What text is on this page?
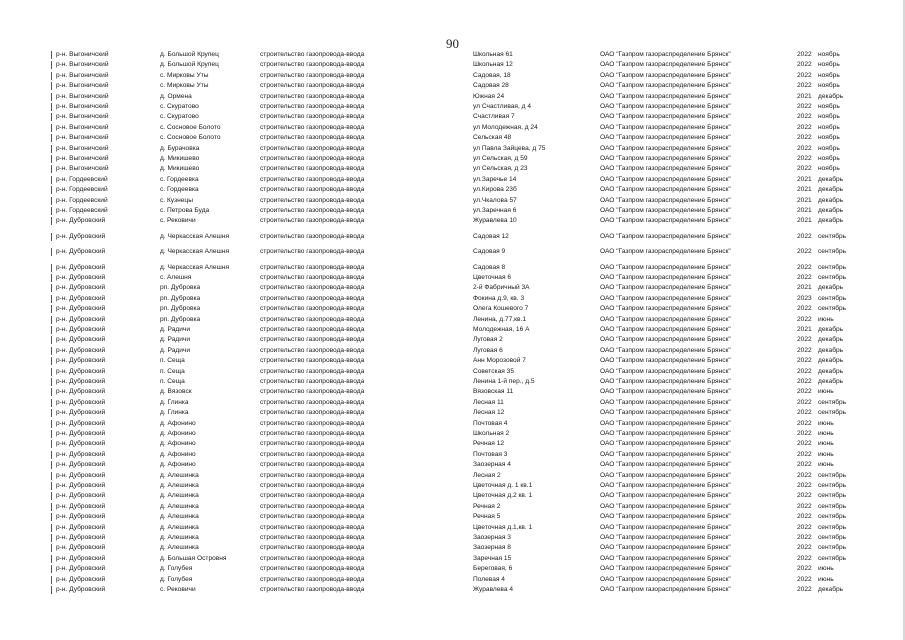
90
р-н. Выгоничский	д. Большой Крупец	строительство газопровода-ввода	Школьная 61	ОАО "Газпром газораспределение Брянск"	2022 ноябрь
р-н. Выгоничский	д. Большой Крупец	строительство газопровода-ввода	Школьная 12	ОАО "Газпром газораспределение Брянск"	2022 ноябрь
р-н. Выгоничский	с. Мирковы Уты	строительство газопровода-ввода	Садовая, 18	ОАО "Газпром газораспределение Брянск"	2022 ноябрь
р-н. Выгоничский	с. Мирковы Уты	строительство газопровода-ввода	Садовая 28	ОАО "Газпром газораспределение Брянск"	2022 ноябрь
р-н. Выгоничский	д. Ормена	строительство газопровода-ввода	Южная 24	ОАО "Газпром газораспределение Брянск"	2021 декабрь
р-н. Выгоничский	с. Скуратово	строительство газопровода-ввода	ул Счастливая, д 4	ОАО "Газпром газораспределение Брянск"	2022 ноябрь
р-н. Выгоничский	с. Скуратово	строительство газопровода-ввода	Счастливая 7	ОАО "Газпром газораспределение Брянск"	2022 ноябрь
р-н. Выгоничский	с. Сосновое Болото	строительство газопровода-ввода	ул Молодежная, д 24	ОАО "Газпром газораспределение Брянск"	2022 ноябрь
р-н. Выгоничский	с. Сосновое Болото	строительство газопровода-ввода	Сельская 48	ОАО "Газпром газораспределение Брянск"	2022 ноябрь
р-н. Выгоничский	д. Бурачовка	строительство газопровода-ввода	ул Павла Зайцева, д 75	ОАО "Газпром газораспределение Брянск"	2022 ноябрь
р-н. Выгоничский	д. Микишево	строительство газопровода-ввода	ул Сельская, д 59	ОАО "Газпром газораспределение Брянск"	2022 ноябрь
р-н. Выгоничский	д. Микишево	строительство газопровода-ввода	ул Сельская, д 23	ОАО "Газпром газораспределение Брянск"	2022 ноябрь
р-н. Гордеевский	с. Гордеевка	строительство газопровода-ввода	ул.Заречье 14	ОАО "Газпром газораспределение Брянск"	2021 декабрь
р-н. Гордеевский	с. Гордеевка	строительство газопровода-ввода	ул.Кирова 23б	ОАО "Газпром газораспределение Брянск"	2021 декабрь
р-н. Гордеевский	с. Кузнецы	строительство газопровода-ввода	ул.Чкалова 57	ОАО "Газпром газораспределение Брянск"	2021 декабрь
р-н. Гордеевский	с. Петрова Буда	строительство газопровода-ввода	ул.Заречная 6	ОАО "Газпром газораспределение Брянск"	2021 декабрь
р-н. Дубровский	с. Рековичи	строительство газопровода-ввода	Журавлева 10	ОАО "Газпром газораспределение Брянск"	2021 декабрь
р-н. Дубровский	д. Черкасская Алешня	строительство газопровода-ввода	Садовая 12	ОАО "Газпром газораспределение Брянск"	2022 сентябрь
р-н. Дубровский	д. Черкасская Алешня	строительство газопровода-ввода	Садовая 9	ОАО "Газпром газораспределение Брянск"	2022 сентябрь
р-н. Дубровский	д. Черкасская Алешня	строительство газопровода-ввода	Садовая 8	ОАО "Газпром газораспределение Брянск"	2022 сентябрь
р-н. Дубровский	с. Алешня	строительство газопровода-ввода	Цветочная 6	ОАО "Газпром газораспределение Брянск"	2022 сентябрь
р-н. Дубровский	рп. Дубровка	строительство газопровода-ввода	2-й Фабричный 3А	ОАО "Газпром газораспределение Брянск"	2021 декабрь
р-н. Дубровский	рп. Дубровка	строительство газопровода-ввода	Фокина д.9, кв. 3	ОАО "Газпром газораспределение Брянск"	2023 сентябрь
р-н. Дубровский	рп. Дубровка	строительство газопровода-ввода	Олега Кошевого 7	ОАО "Газпром газораспределение Брянск"	2022 сентябрь
р-н. Дубровский	рп. Дубровка	строительство газопровода-ввода	Ленина, д.77,кв.1	ОАО "Газпром газораспределение Брянск"	2022 июнь
р-н. Дубровский	д. Радичи	строительство газопровода-ввода	Молодежная, 16 А	ОАО "Газпром газораспределение Брянск"	2021 декабрь
р-н. Дубровский	д. Радичи	строительство газопровода-ввода	Луговая 2	ОАО "Газпром газораспределение Брянск"	2022 декабрь
р-н. Дубровский	д. Радичи	строительство газопровода-ввода	Луговая 6	ОАО "Газпром газораспределение Брянск"	2022 декабрь
р-н. Дубровский	п. Сеща	строительство газопровода-ввода	Анн Морозовой 7	ОАО "Газпром газораспределение Брянск"	2022 декабрь
р-н. Дубровский	п. Сеща	строительство газопровода-ввода	Советская 35	ОАО "Газпром газораспределение Брянск"	2022 декабрь
р-н. Дубровский	п. Сеща	строительство газопровода-ввода	Ленина 1-й пер., д.5	ОАО "Газпром газораспределение Брянск"	2022 декабрь
р-н. Дубровский	д. Вязовск	строительство газопровода-ввода	Вязовская 11	ОАО "Газпром газораспределение Брянск"	2022 июнь
р-н. Дубровский	д. Глинка	строительство газопровода-ввода	Лесная 11	ОАО "Газпром газораспределение Брянск"	2022 сентябрь
р-н. Дубровский	д. Глинка	строительство газопровода-ввода	Лесная 12	ОАО "Газпром газораспределение Брянск"	2022 сентябрь
р-н. Дубровский	д. Афонино	строительство газопровода-ввода	Почтовая 4	ОАО "Газпром газораспределение Брянск"	2022 июнь
р-н. Дубровский	д. Афонино	строительство газопровода-ввода	Школьная 2	ОАО "Газпром газораспределение Брянск"	2022 июнь
р-н. Дубровский	д. Афонино	строительство газопровода-ввода	Речная 12	ОАО "Газпром газораспределение Брянск"	2022 июнь
р-н. Дубровский	д. Афонино	строительство газопровода-ввода	Почтовая 3	ОАО "Газпром газораспределение Брянск"	2022 июнь
р-н. Дубровский	д. Афонино	строительство газопровода-ввода	Заозерная 4	ОАО "Газпром газораспределение Брянск"	2022 июнь
р-н. Дубровский	д. Алешинка	строительство газопровода-ввода	Лесная 2	ОАО "Газпром газораспределение Брянск"	2022 сентябрь
р-н. Дубровский	д. Алешинка	строительство газопровода-ввода	Цветочная д. 1 кв.1	ОАО "Газпром газораспределение Брянск"	2022 сентябрь
р-н. Дубровский	д. Алешинка	строительство газопровода-ввода	Цветочная д.2 кв. 1	ОАО "Газпром газораспределение Брянск"	2022 сентябрь
р-н. Дубровский	д. Алешинка	строительство газопровода-ввода	Речная 2	ОАО "Газпром газораспределение Брянск"	2022 сентябрь
р-н. Дубровский	д. Алешинка	строительство газопровода-ввода	Речная 5	ОАО "Газпром газораспределение Брянск"	2022 сентябрь
р-н. Дубровский	д. Алешинка	строительство газопровода-ввода	Цветочная д.1,кв. 1	ОАО "Газпром газораспределение Брянск"	2022 сентябрь
р-н. Дубровский	д. Алешинка	строительство газопровода-ввода	Заозерная 3	ОАО "Газпром газораспределение Брянск"	2022 сентябрь
р-н. Дубровский	д. Алешинка	строительство газопровода-ввода	Заозерная 8	ОАО "Газпром газораспределение Брянск"	2022 сентябрь
р-н. Дубровский	д. Большая Островня	строительство газопровода-ввода	Заречная 15	ОАО "Газпром газораспределение Брянск"	2022 сентябрь
р-н. Дубровский	д. Голубея	строительство газопровода-ввода	Береговая, 6	ОАО "Газпром газораспределение Брянск"	2022 июнь
р-н. Дубровский	д. Голубея	строительство газопровода-ввода	Полевая 4	ОАО "Газпром газораспределение Брянск"	2022 июнь
р-н. Дубровский	с. Рековичи	строительство газопровода-ввода	Журавлева 4	ОАО "Газпром газораспределение Брянск"	2022 декабрь
